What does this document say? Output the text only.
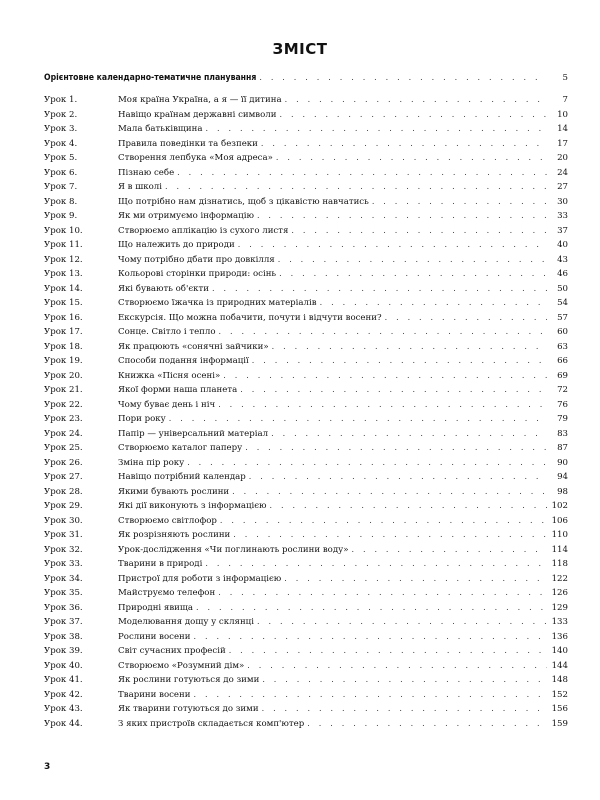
ЗМІСТ
Орієнтовне календарно-тематичне планування . . .	5
Урок 1.	Моя країна Україна, а я — її дитина . . .	7
Урок 2.	Навіщо країнам державні символи . . .	10
Урок 3.	Мала батьківщина . . .	14
Урок 4.	Правила поведінки та безпеки . . .	17
Урок 5.	Створення лепбука «Моя адреса» . . .	20
Урок 6.	Пізнаю себе . . .	24
Урок 7.	Я в школі . . .	27
Урок 8.	Що потрібно нам дізнатись, щоб з цікавістю навчатись . . .	30
Урок 9.	Як ми отримуємо інформацію . . .	33
Урок 10.	Створюємо аплікацію із сухого листя . . .	37
Урок 11.	Що належить до природи . . .	40
Урок 12.	Чому потрібно дбати про довкілля . . .	43
Урок 13.	Кольорові сторінки природи: осінь . . .	46
Урок 14.	Які бувають об'єкти . . .	50
Урок 15.	Створюємо їжачка із природних матеріалів . . .	54
Урок 16.	Екскурсія. Що можна побачити, почути і відчути восени? . . .	57
Урок 17.	Сонце. Світло і тепло . . .	60
Урок 18.	Як працюють «сонячні зайчики» . . .	63
Урок 19.	Способи подання інформації . . .	66
Урок 20.	Книжка «Пісня осені» . . .	69
Урок 21.	Якої форми наша планета . . .	72
Урок 22.	Чому буває день і ніч . . .	76
Урок 23.	Пори року . . .	79
Урок 24.	Папір — універсальний матеріал . . .	83
Урок 25.	Створюємо каталог паперу . . .	87
Урок 26.	Зміна пір року . . .	90
Урок 27.	Навіщо потрібний календар . . .	94
Урок 28.	Якими бувають рослини . . .	98
Урок 29.	Які дії виконують з інформацією . . .	102
Урок 30.	Створюємо світлофор . . .	106
Урок 31.	Як розрізняють рослини . . .	110
Урок 32.	Урок-дослідження «Чи поглинають рослини воду» . . .	114
Урок 33.	Тварини в природі . . .	118
Урок 34.	Пристрої для роботи з інформацією . . .	122
Урок 35.	Майструємо телефон . . .	126
Урок 36.	Природні явища . . .	129
Урок 37.	Моделювання дощу у склянці . . .	133
Урок 38.	Рослини восени . . .	136
Урок 39.	Світ сучасних професій . . .	140
Урок 40.	Створюємо «Розумний дім» . . .	144
Урок 41.	Як рослини готуються до зими . . .	148
Урок 42.	Тварини восени . . .	152
Урок 43.	Як тварини готуються до зими . . .	156
Урок 44.	З яких пристроїв складається комп'ютер . . .	159
3
